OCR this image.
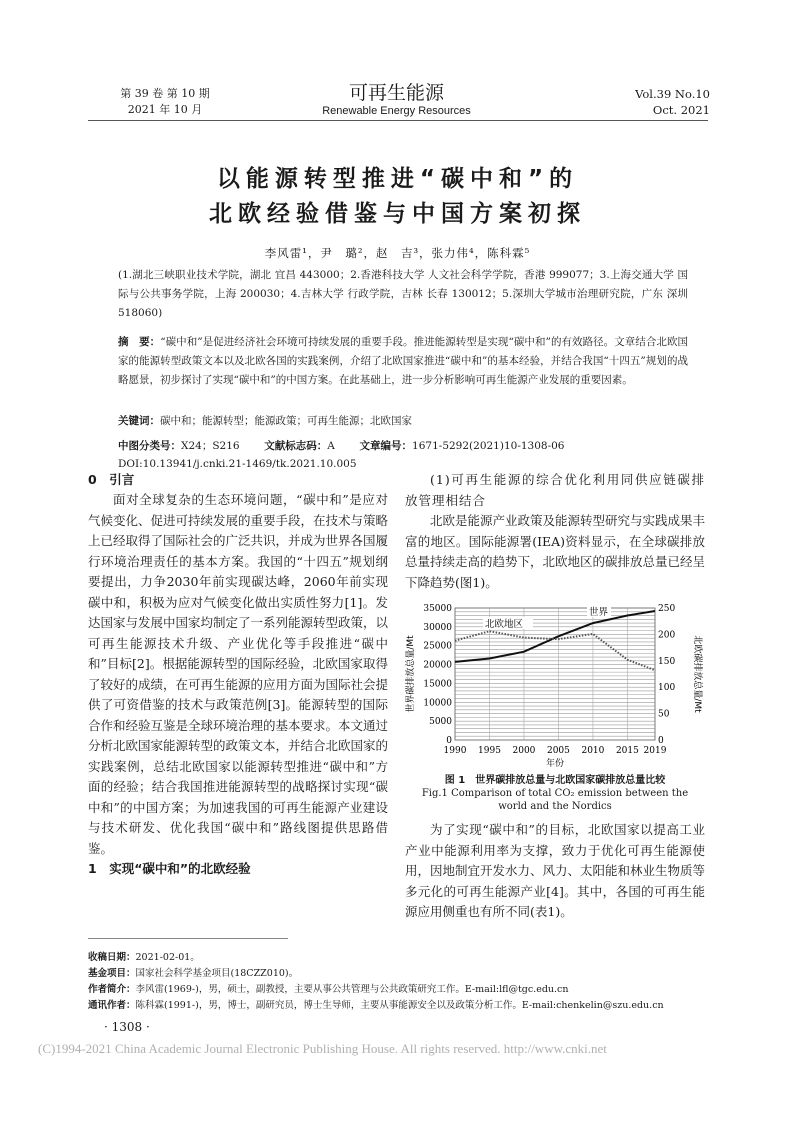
第 39 卷 第 10 期
2021 年 10 月
可再生能源
Renewable Energy Resources
Vol.39 No.10
Oct. 2021
以能源转型推进“碳中和”的
北欧经验借鉴与中国方案初探
李风雷¹，尹　璐²，赵　吉³，张力伟⁴，陈科霖⁵
(1.湖北三峡职业技术学院，湖北 宜昌 443000；2.香港科技大学 人文社会科学学院，香港 999077；3.上海交通大学 国际与公共事务学院，上海 200030；4.吉林大学 行政学院，吉林 长春 130012；5.深圳大学城市治理研究院，广东 深圳 518060)
摘　要：“碳中和”是促进经济社会环境可持续发展的重要手段。推进能源转型是实现“碳中和”的有效路径。文章结合北欧国家的能源转型政策文本以及北欧各国的实践案例，介绍了北欧国家推进“碳中和”的基本经验，并结合我国“十四五”规划的战略愿景，初步探讨了实现“碳中和”的中国方案。在此基础上，进一步分析影响可再生能源产业发展的重要因素。
关键词：碳中和；能源转型；能源政策；可再生能源；北欧国家
中图分类号：X24；S216 文献标志码：A 文章编号：1671-5292(2021)10-1308-06
DOI:10.13941/j.cnki.21-1469/tk.2021.10.005
0　引言

面对全球复杂的生态环境问题，“碳中和”是应对气候变化、促进可持续发展的重要手段，在技术与策略上已经取得了国际社会的广泛共识，并成为世界各国履行环境治理责任的基本方案。我国的“十四五”规划纲要提出，力争2030年前实现碳达峰，2060年前实现碳中和，积极为应对气候变化做出实质性努力[1]。发达国家与发展中国家均制定了一系列能源转型政策，以可再生能源技术升级、产业优化等手段推进“碳中和”目标[2]。根据能源转型的国际经验，北欧国家取得了较好的成绩，在可再生能源的应用方面为国际社会提供了可资借鉴的技术与政策范例[3]。能源转型的国际合作和经验互鉴是全球环境治理的基本要求。本文通过分析北欧国家能源转型的政策文本，并结合北欧国家的实践案例，总结北欧国家以能源转型推进“碳中和”方面的经验；结合我国推进能源转型的战略探讨实现“碳中和”的中国方案；为加速我国的可再生能源产业建设与技术研发、优化我国“碳中和”路线图提供思路借鉴。

1　实现“碳中和”的北欧经验

(1)可再生能源的综合优化利用同供应链碳排放管理相结合

北欧是能源产业政策及能源转型研究与实践成果丰富的地区。国际能源署(IEA)资料显示，在全球碳排放总量持续走高的趋势下，北欧地区的碳排放总量已经呈下降趋势(图1)。

1990 1995 2000 2005 2010 2015 2019
0
5000
10000
15000
20000
25000
30000
35000
0
50
100
150
200
250
世界
北欧地区
年份
世界碳排放总量/Mt	北欧碳排放总量/Mt
图 1　世界碳排放总量与北欧国家碳排放总量比较
Fig.1 Comparison of total CO₂ emission between the world and the Nordics

为了实现“碳中和”的目标，北欧国家以提高工业产业中能源利用率为支撑，致力于优化可再生能源使用，因地制宜开发水力、风力、太阳能和林业生物质等多元化的可再生能源产业[4]。其中，各国的可再生能源应用侧重也有所不同(表1)。

收稿日期：2021-02-01。
基金项目：国家社会科学基金项目(18CZZ010)。
作者简介：李风雷(1969-)，男，硕士，副教授，主要从事公共管理与公共政策研究工作。E-mail:lfl@tgc.edu.cn
通讯作者：陈科霖(1991-)，男，博士，副研究员，博士生导师，主要从事能源安全以及政策分析工作。E-mail:chenkelin@szu.edu.cn
· 1308 ·
(C)1994-2021 China Academic Journal Electronic Publishing House. All rights reserved. http://www.cnki.net
